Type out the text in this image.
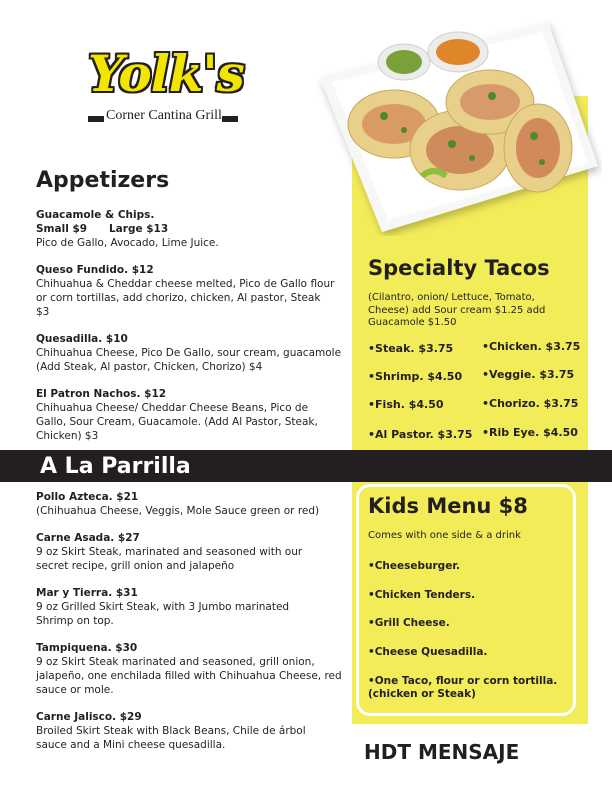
Yolk's
Corner Cantina Grill
Appetizers
Guacamole & Chips.
Small $9      Large $13
Pico de Gallo, Avocado, Lime Juice.
Queso Fundido. $12
Chihuahua & Cheddar cheese melted, Pico de Gallo flour or corn tortillas, add chorizo, chicken, Al pastor, Steak $3
Quesadilla. $10
Chihuahua Cheese, Pico De Gallo, sour cream, guacamole (Add Steak, Al pastor, Chicken, Chorizo) $4
El Patron Nachos. $12
Chihuahua Cheese/ Cheddar Cheese Beans, Pico de Gallo, Sour Cream, Guacamole. (Add Al Pastor, Steak, Chicken) $3
A La Parrilla
Pollo Azteca. $21
(Chihuahua Cheese, Veggis, Mole Sauce green or red)
Carne Asada. $27
9 oz Skirt Steak, marinated and seasoned with our secret recipe, grill onion and jalapeño
Mar y Tierra. $31
9 oz Grilled Skirt Steak, with 3 Jumbo marinated Shrimp on top.
Tampiquena. $30
9 oz Skirt Steak marinated and seasoned, grill onion, jalapeño, one enchilada filled with Chihuahua Cheese, red sauce or mole.
Carne Jalisco. $29
Broiled Skirt Steak with Black Beans, Chile de árbol sauce and a Mini cheese quesadilla.
Specialty Tacos
(Cilantro, onion/ Lettuce, Tomato, Cheese) add Sour cream $1.25 add Guacamole $1.50
•Steak. $3.75
•Shrimp. $4.50
•Fish. $4.50
•Al Pastor. $3.75
•Chicken. $3.75
•Veggie. $3.75
•Chorizo. $3.75
•Rib Eye. $4.50
Kids Menu $8
Comes with one side & a drink
•Cheeseburger.
•Chicken Tenders.
•Grill Cheese.
•Cheese Quesadilla.
•One Taco, flour or corn tortilla. (chicken or Steak)
HDT MENSAJE
